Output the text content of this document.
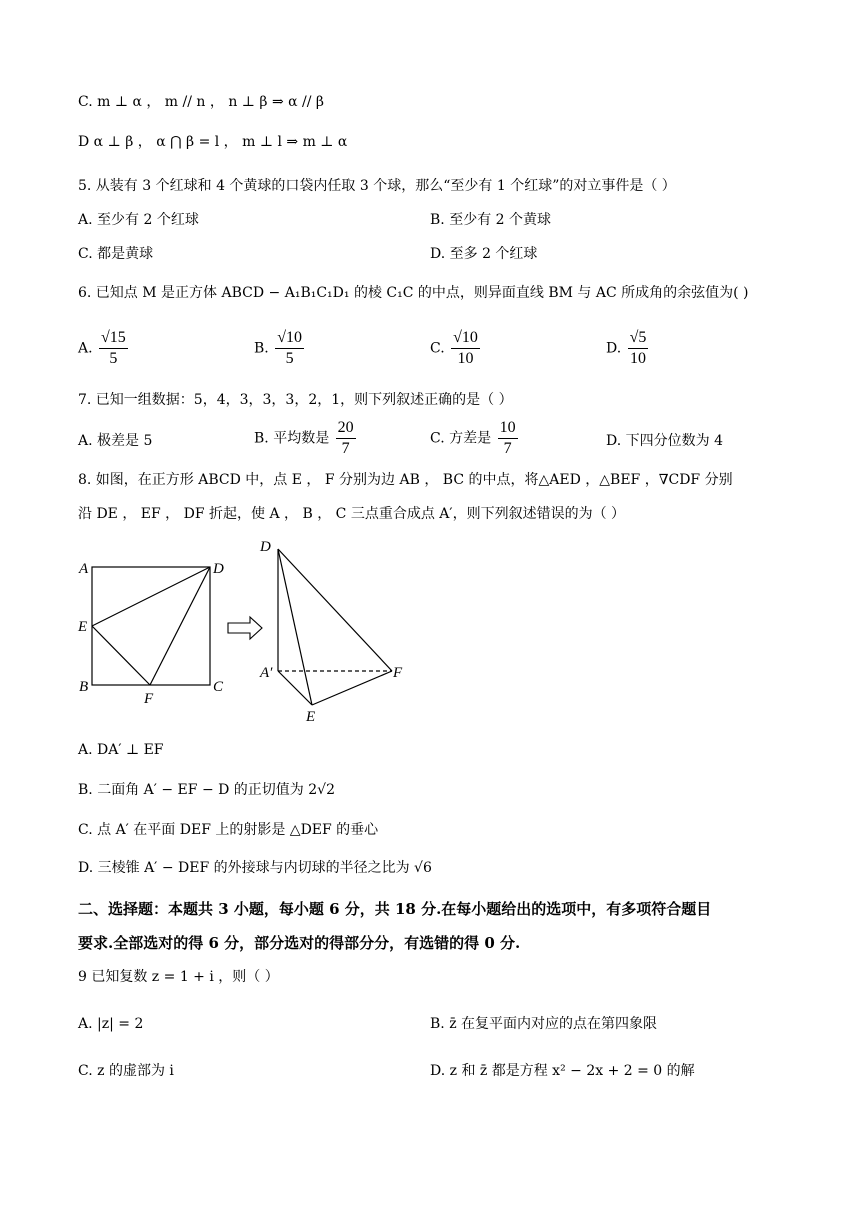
C. m ⊥ α ， m // n ， n ⊥ β ⇒ α // β
D α ⊥ β ， α ⋂ β = l ， m ⊥ l ⇒ m ⊥ α
5. 从装有 3 个红球和 4 个黄球的口袋内任取 3 个球，那么“至少有 1 个红球”的对立事件是（ ）
A. 至少有 2 个红球	B. 至少有 2 个黄球
C. 都是黄球	D. 至多 2 个红球
6. 已知点 M 是正方体 ABCD − A₁B₁C₁D₁ 的棱 C₁C 的中点，则异面直线 BM 与 AC 所成角的余弦值为( )
A. $\frac{√15}{5}$	B. $\frac{√10}{5}$	C. $\frac{√10}{10}$	D. $\frac{√5}{10}$
7. 已知一组数据：5，4，3，3，3，2，1，则下列叙述正确的是（ ）
A. 极差是 5	B. 平均数是 $\frac{20}{7}$	C. 方差是 $\frac{10}{7}$	D. 下四分位数为 4
8. 如图，在正方形 ABCD 中，点 E ， F 分别为边 AB ， BC 的中点，将△AED ，△BEF ，∇CDF 分别
沿 DE ， EF ， DF 折起，使 A ， B ， C 三点重合成点 A′，则下列叙述错误的为（ ）
A
B	C
D
E
F
D
A′
E
F
A. DA′ ⊥ EF
B. 二面角 A′ − EF − D 的正切值为 2√2
C. 点 A′ 在平面 DEF 上的射影是 △DEF 的垂心
D. 三棱锥 A′ − DEF 的外接球与内切球的半径之比为 √6
二、选择题：本题共 3 小题，每小题 6 分，共 18 分.在每小题给出的选项中，有多项符合题目
要求.全部选对的得 6 分，部分选对的得部分分，有选错的得 0 分.
9 已知复数 z = 1 + i ，则（ ）
A. |z| = 2	B. z̄ 在复平面内对应的点在第四象限
C. z 的虚部为 i	D. z 和 z̄ 都是方程 x² − 2x + 2 = 0 的解
